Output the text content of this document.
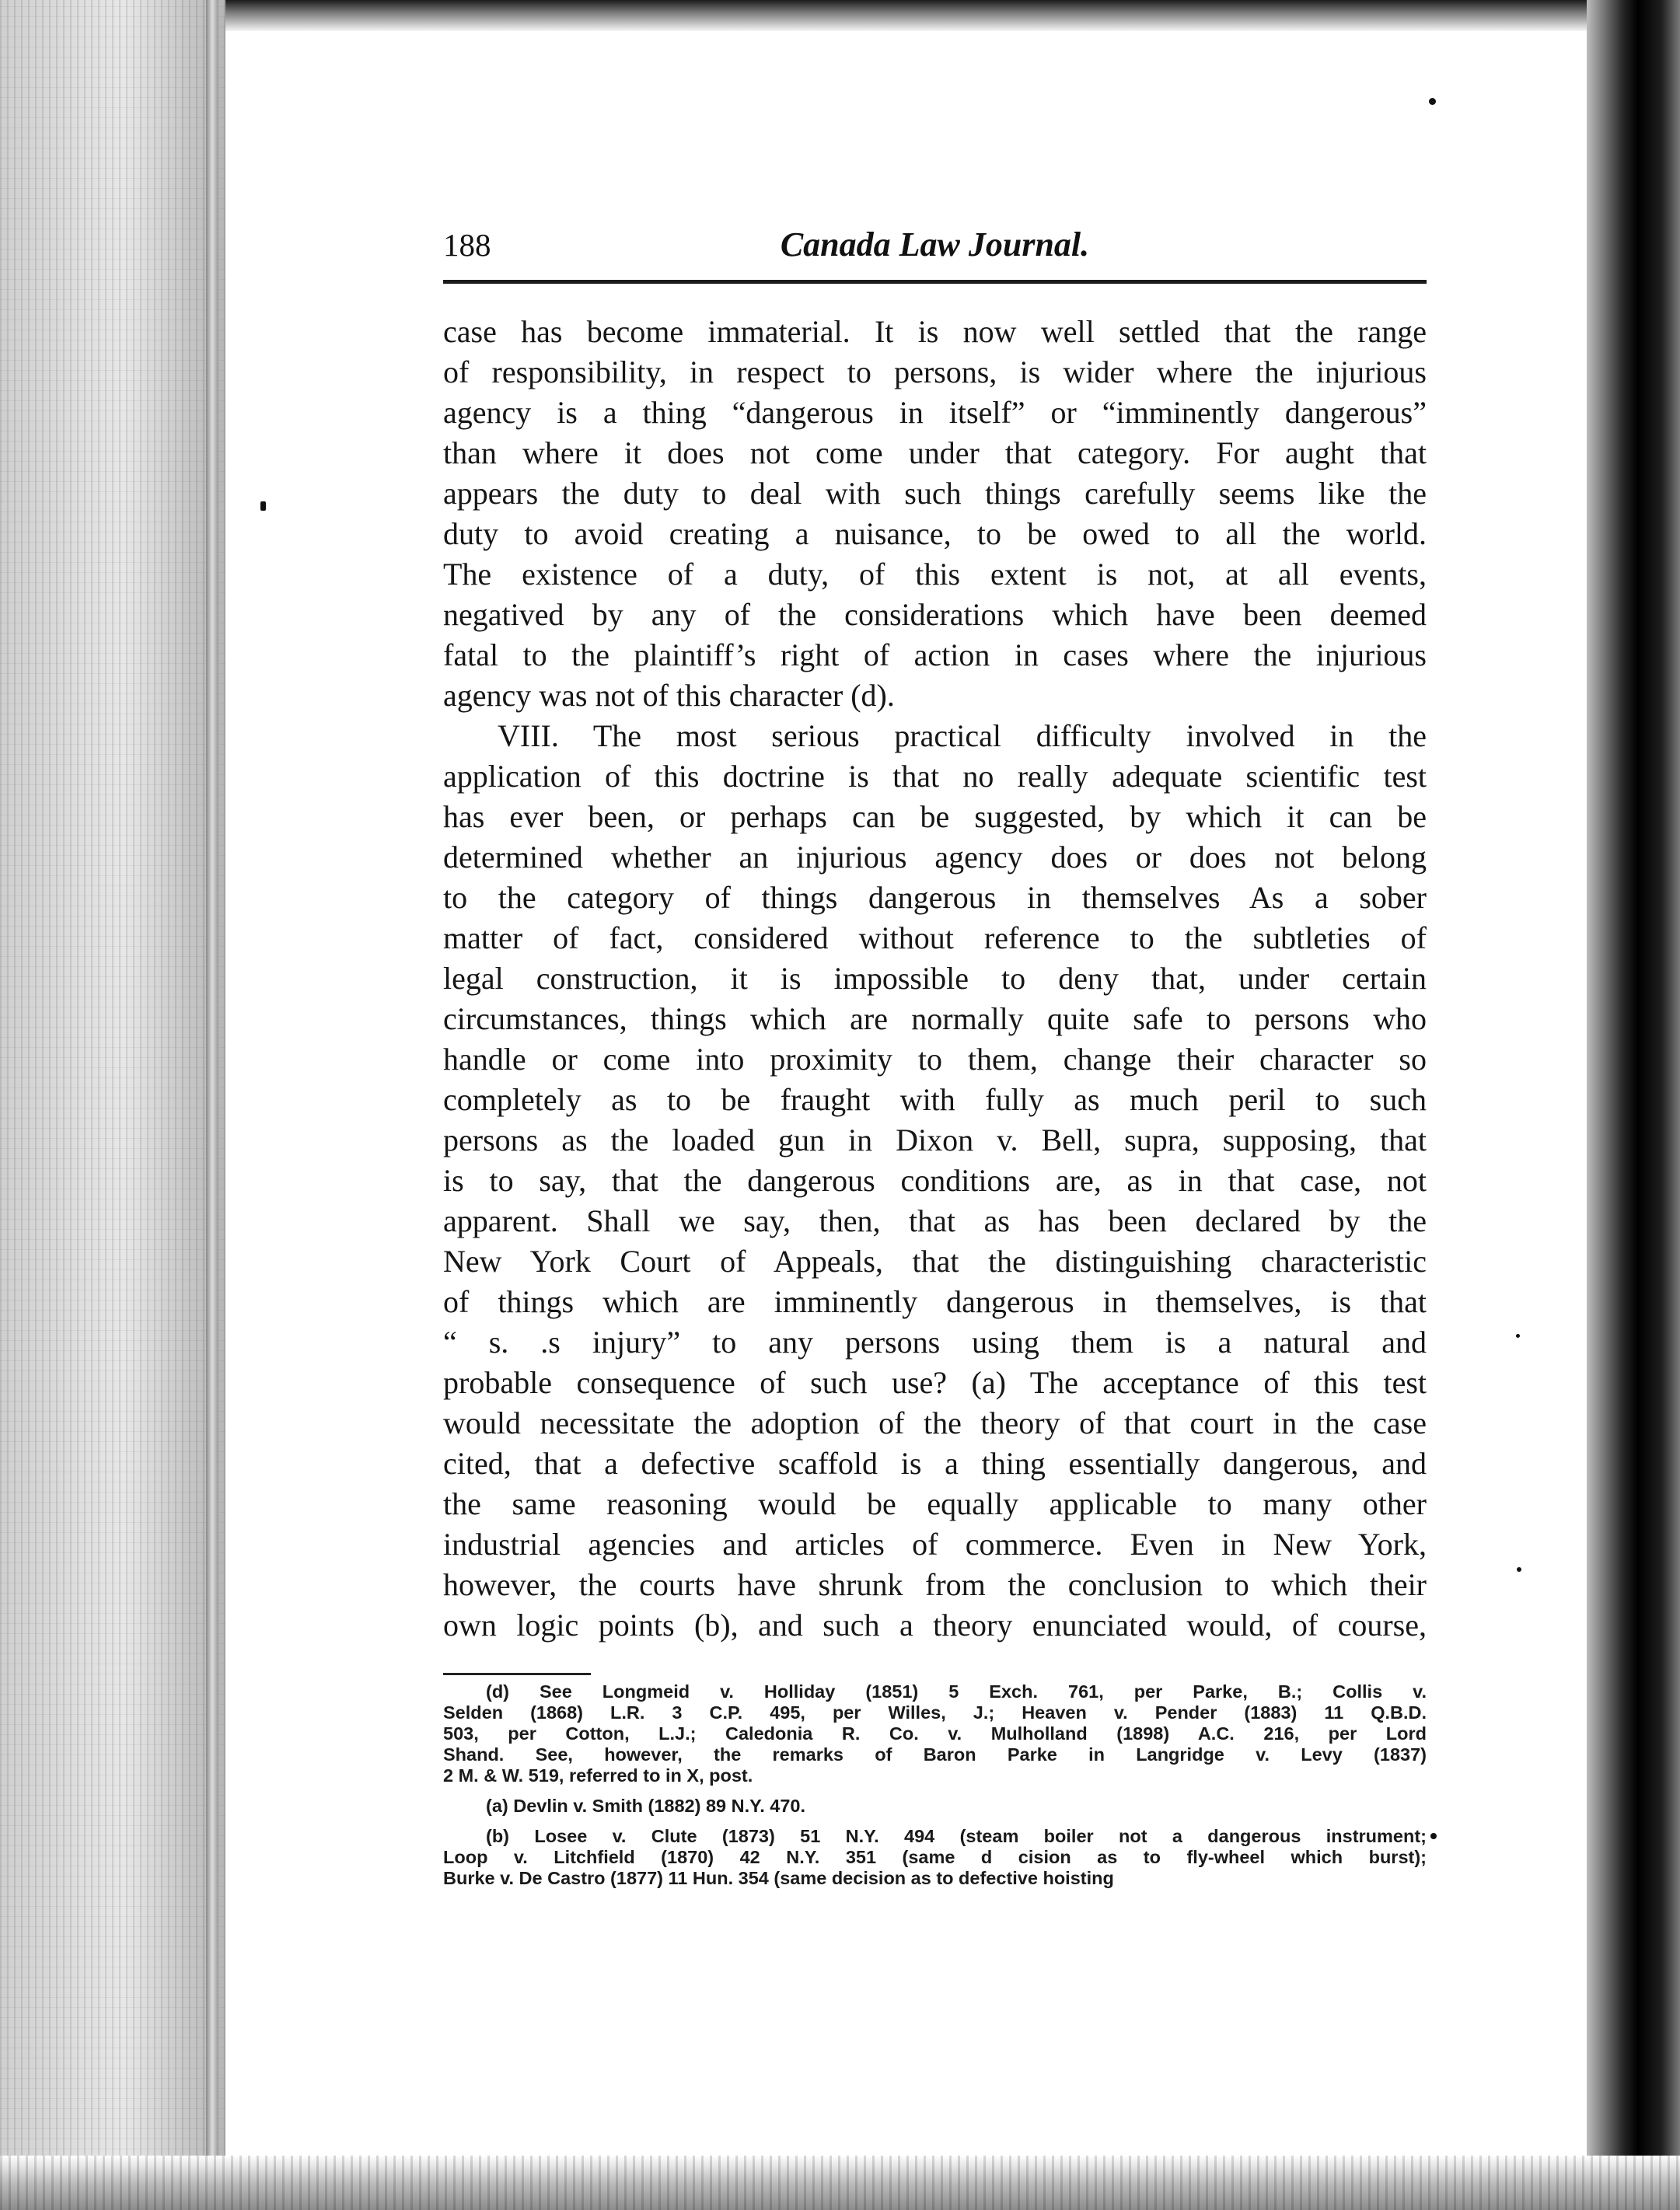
188	Canada Law Journal.
case has become immaterial. It is now well settled that the range
of responsibility, in respect to persons, is wider where the injurious
agency is a thing “dangerous in itself” or “imminently dangerous”
than where it does not come under that category. For aught that
appears the duty to deal with such things carefully seems like the
duty to avoid creating a nuisance, to be owed to all the world.
The existence of a duty, of this extent is not, at all events,
negatived by any of the considerations which have been deemed
fatal to the plaintiff’s right of action in cases where the injurious
agency was not of this character (d).
VIII. The most serious practical difficulty involved in the
application of this doctrine is that no really adequate scientific test
has ever been, or perhaps can be suggested, by which it can be
determined whether an injurious agency does or does not belong
to the category of things dangerous in themselves As a sober
matter of fact, considered without reference to the subtleties of
legal construction, it is impossible to deny that, under certain
circumstances, things which are normally quite safe to persons who
handle or come into proximity to them, change their character so
completely as to be fraught with fully as much peril to such
persons as the loaded gun in Dixon v. Bell, supra, supposing, that
is to say, that the dangerous conditions are, as in that case, not
apparent. Shall we say, then, that as has been declared by the
New York Court of Appeals, that the distinguishing characteristic
of things which are imminently dangerous in themselves, is that
“ s. .s injury” to any persons using them is a natural and
probable consequence of such use? (a) The acceptance of this test
would necessitate the adoption of the theory of that court in the case
cited, that a defective scaffold is a thing essentially dangerous, and
the same reasoning would be equally applicable to many other
industrial agencies and articles of commerce. Even in New York,
however, the courts have shrunk from the conclusion to which their
own logic points (b), and such a theory enunciated would, of course,
(d) See Longmeid v. Holliday (1851) 5 Exch. 761, per Parke, B.; Collis v.
Selden (1868) L.R. 3 C.P. 495, per Willes, J.; Heaven v. Pender (1883) 11 Q.B.D.
503, per Cotton, L.J.; Caledonia R. Co. v. Mulholland (1898) A.C. 216, per Lord
Shand. See, however, the remarks of Baron Parke in Langridge v. Levy (1837)
2 M. & W. 519, referred to in X, post.
(a) Devlin v. Smith (1882) 89 N.Y. 470.
(b) Losee v. Clute (1873) 51 N.Y. 494 (steam boiler not a dangerous instrument;
Loop v. Litchfield (1870) 42 N.Y. 351 (same d cision as to fly-wheel which burst);
Burke v. De Castro (1877) 11 Hun. 354 (same decision as to defective hoisting
